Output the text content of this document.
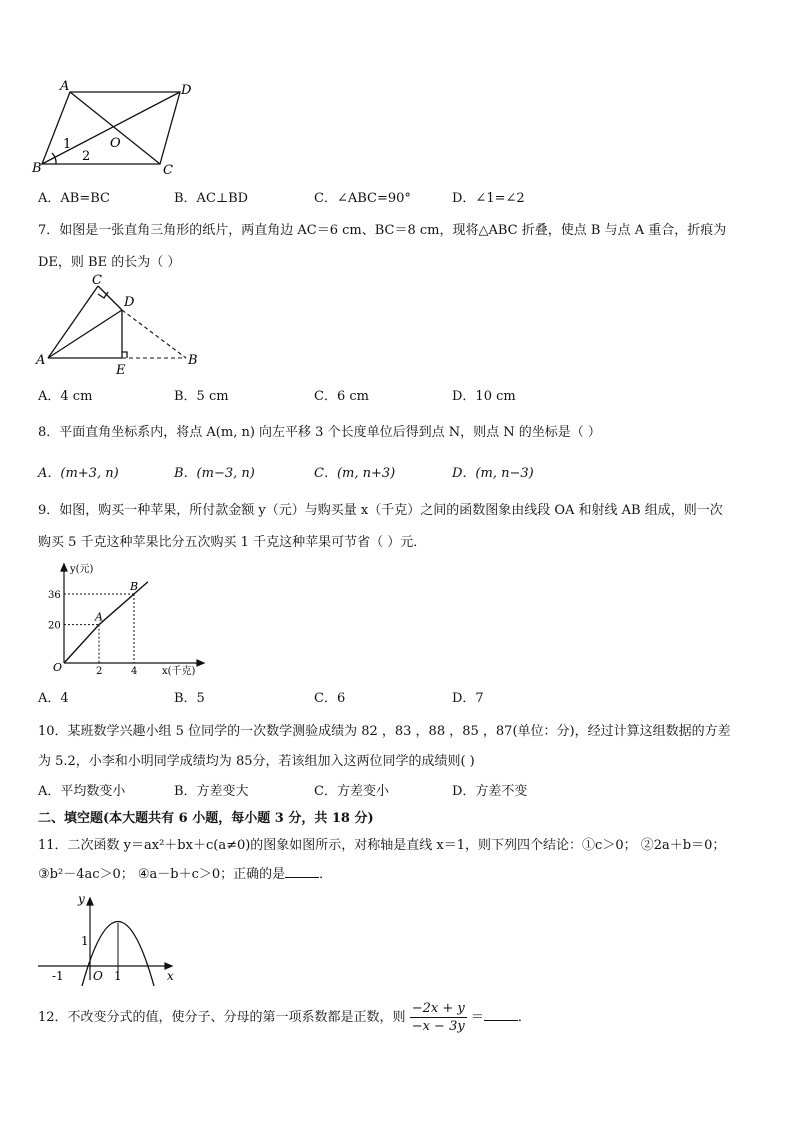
A	D
B	C
O
1
2
A．AB=BC	B．AC⊥BD	C．∠ABC=90°	D．∠1=∠2
7．如图是一张直角三角形的纸片，两直角边 AC＝6 cm、BC＝8 cm，现将△ABC 折叠，使点 B 与点 A 重合，折痕为
DE，则 BE 的长为（ ）
A
C
D
E
B
A．4 cm	B．5 cm	C．6 cm	D．10 cm
8．平面直角坐标系内，将点 A(m, n) 向左平移 3 个长度单位后得到点 N，则点 N 的坐标是（ ）
A．(m+3, n)	B．(m−3, n)	C．(m, n+3)	D．(m, n−3)
9．如图，购买一种苹果，所付款金额 y（元）与购买量 x（千克）之间的函数图象由线段 OA 和射线 AB 组成，则一次
购买 5 千克这种苹果比分五次购买 1 千克这种苹果可节省（ ）元．
A
B
2	4
20
36
y(元)
x(千克)
O
A．4	B．5	C．6	D．7
10．某班数学兴趣小组 5 位同学的一次数学测验成绩为 82 ，83 ，88 ，85 ，87(单位：分)，经过计算这组数据的方差
为 5.2，小李和小明同学成绩均为 85分，若该组加入这两位同学的成绩则( )
A．平均数变小	B．方差变大	C．方差变小	D．方差不变
二、填空题(本大题共有 6 小题，每小题 3 分，共 18 分)
11．二次函数 y＝ax²＋bx＋c(a≠0)的图象如图所示，对称轴是直线 x＝1，则下列四个结论：①c＞0； ②2a＋b＝0；
③b²－4ac＞0； ④a－b＋c＞0；正确的是	．
y
x
-1 O 1
1
12．不改变分式的值，使分子、分母的第一项系数都是正数，则 $\frac{-2x + y}{-x - 3y}$ ＝	．
